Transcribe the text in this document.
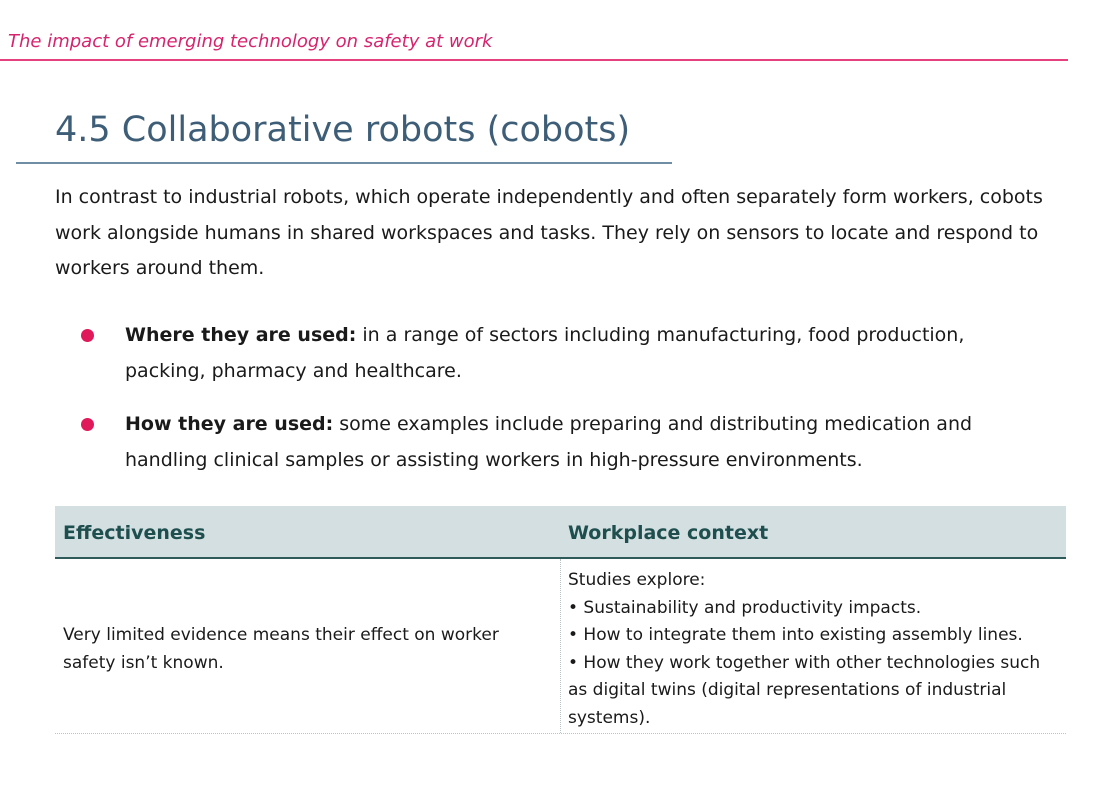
The impact of emerging technology on safety at work
4.5 Collaborative robots (cobots)

In contrast to industrial robots, which operate independently and often separately form workers, cobots work alongside humans in shared workspaces and tasks. They rely on sensors to locate and respond to workers around them.

Where they are used: in a range of sectors including manufacturing, food production, packing, pharmacy and healthcare.
How they are used: some examples include preparing and distributing medication and handling clinical samples or assisting workers in high-pressure environments.
Effectiveness	Workplace context
Very limited evidence means their effect on worker safety isn’t known.
Studies explore:
• Sustainability and productivity impacts.
• How to integrate them into existing assembly lines.
• How they work together with other technologies such as digital twins (digital representations of industrial systems).
